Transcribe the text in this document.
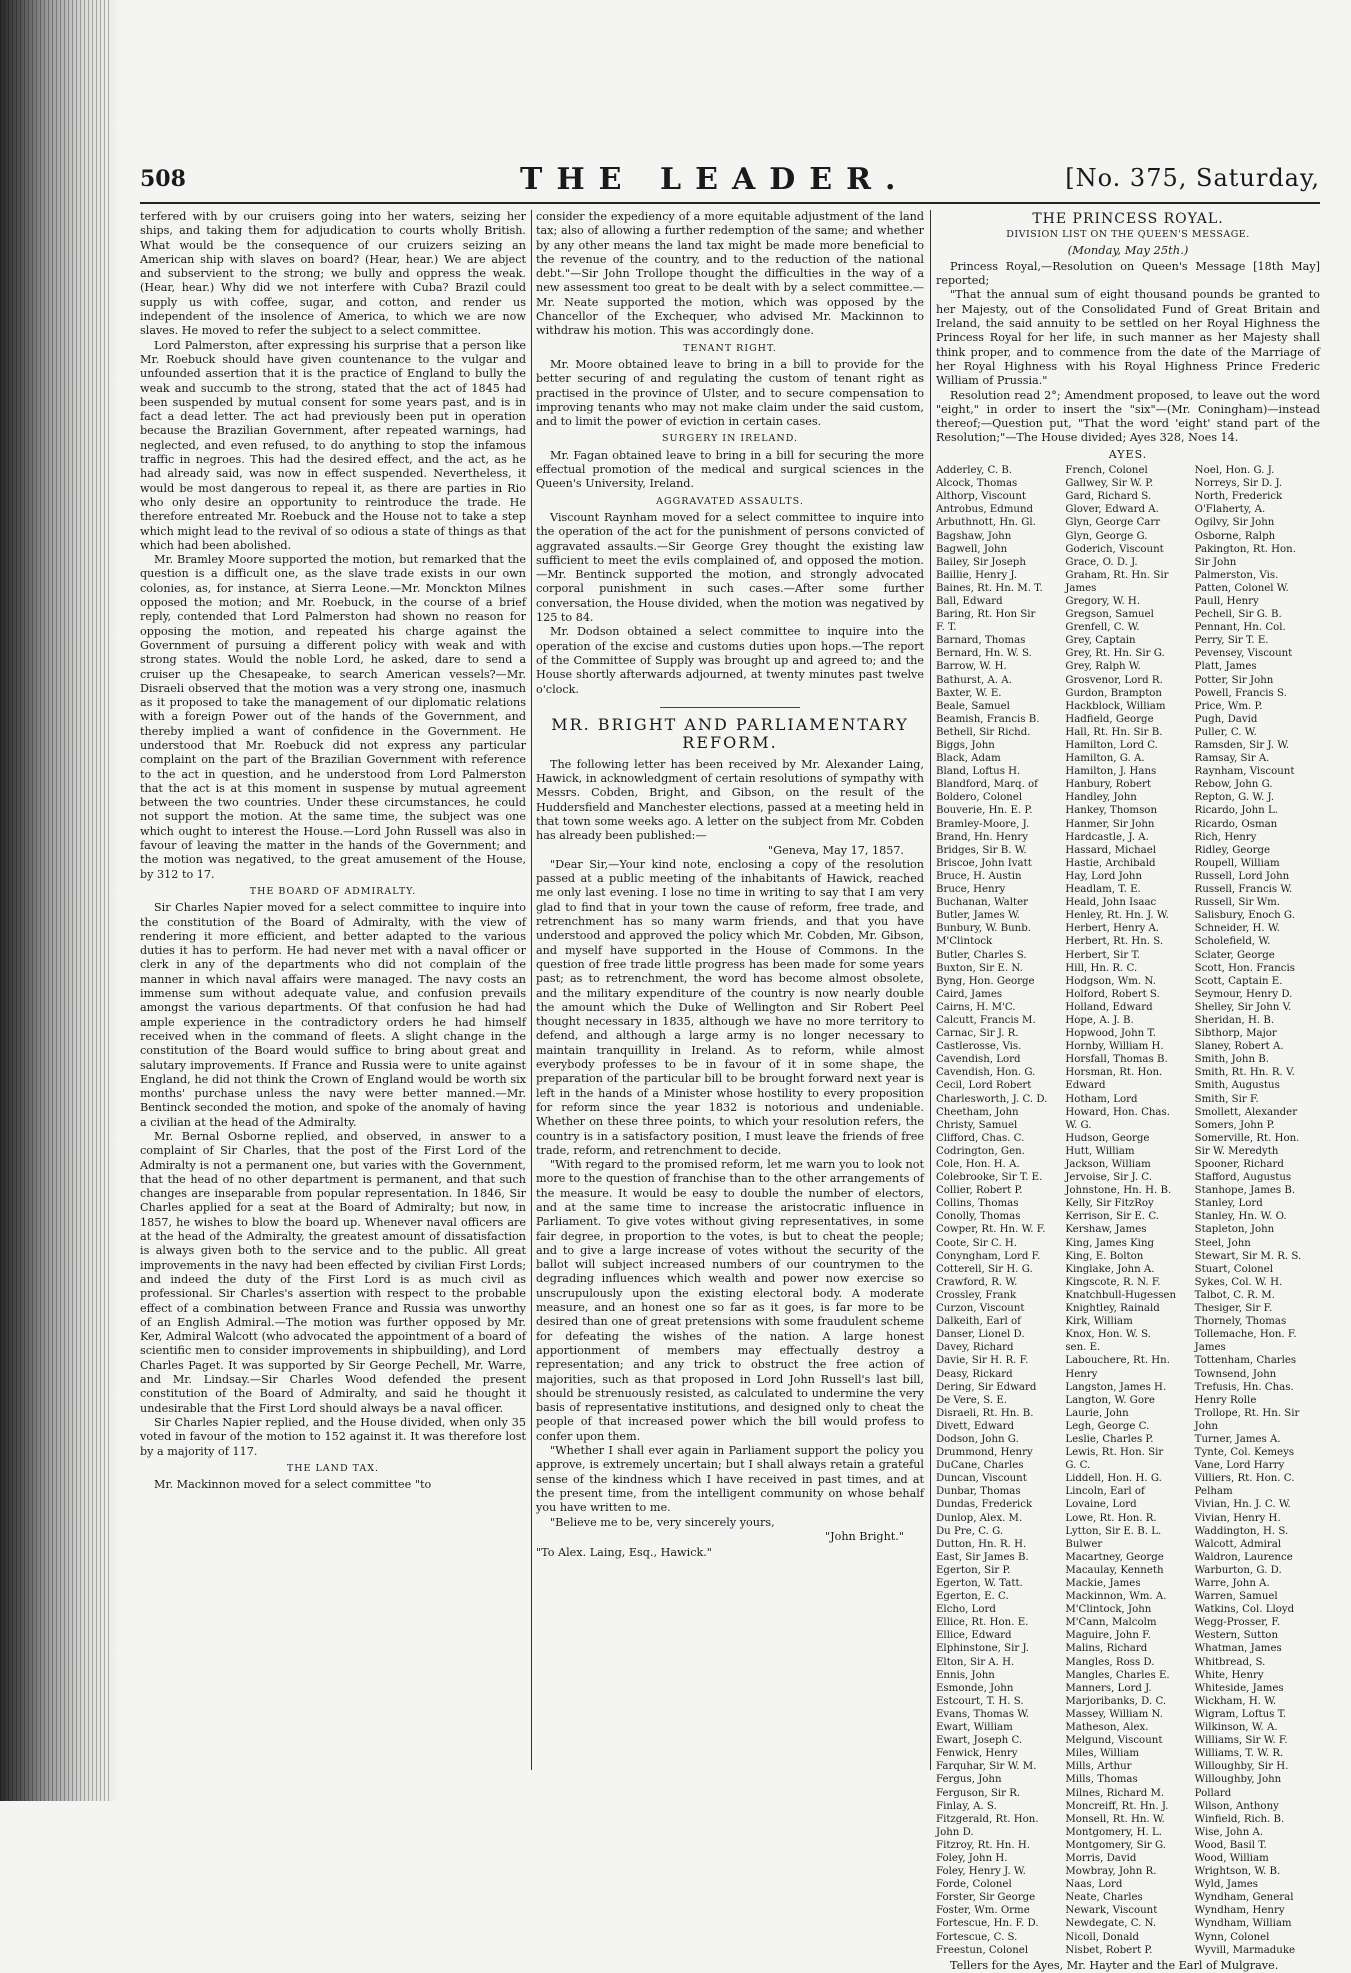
508	THE LEADER.	[No. 375, Saturday,

terfered with by our cruisers going into her waters, seizing her ships, and taking them for adjudication to courts wholly British. What would be the consequence of our cruizers seizing an American ship with slaves on board? (Hear, hear.) We are abject and subservient to the strong; we bully and oppress the weak. (Hear, hear.) Why did we not interfere with Cuba? Brazil could supply us with coffee, sugar, and cotton, and render us independent of the insolence of America, to which we are now slaves. He moved to refer the subject to a select committee.

Lord Palmerston, after expressing his surprise that a person like Mr. Roebuck should have given countenance to the vulgar and unfounded assertion that it is the practice of England to bully the weak and succumb to the strong, stated that the act of 1845 had been suspended by mutual consent for some years past, and is in fact a dead letter. The act had previously been put in operation because the Brazilian Government, after repeated warnings, had neglected, and even refused, to do anything to stop the infamous traffic in negroes. This had the desired effect, and the act, as he had already said, was now in effect suspended. Nevertheless, it would be most dangerous to repeal it, as there are parties in Rio who only desire an opportunity to reintroduce the trade. He therefore entreated Mr. Roebuck and the House not to take a step which might lead to the revival of so odious a state of things as that which had been abolished.

Mr. Bramley Moore supported the motion, but remarked that the question is a difficult one, as the slave trade exists in our own colonies, as, for instance, at Sierra Leone.—Mr. Monckton Milnes opposed the motion; and Mr. Roebuck, in the course of a brief reply, contended that Lord Palmerston had shown no reason for opposing the motion, and repeated his charge against the Government of pursuing a different policy with weak and with strong states. Would the noble Lord, he asked, dare to send a cruiser up the Chesapeake, to search American vessels?—Mr. Disraeli observed that the motion was a very strong one, inasmuch as it proposed to take the management of our diplomatic relations with a foreign Power out of the hands of the Government, and thereby implied a want of confidence in the Government. He understood that Mr. Roebuck did not express any particular complaint on the part of the Brazilian Government with reference to the act in question, and he understood from Lord Palmerston that the act is at this moment in suspense by mutual agreement between the two countries. Under these circumstances, he could not support the motion. At the same time, the subject was one which ought to interest the House.—Lord John Russell was also in favour of leaving the matter in the hands of the Government; and the motion was negatived, to the great amusement of the House, by 312 to 17.

THE BOARD OF ADMIRALTY.

Sir Charles Napier moved for a select committee to inquire into the constitution of the Board of Admiralty, with the view of rendering it more efficient, and better adapted to the various duties it has to perform. He had never met with a naval officer or clerk in any of the departments who did not complain of the manner in which naval affairs were managed. The navy costs an immense sum without adequate value, and confusion prevails amongst the various departments. Of that confusion he had had ample experience in the contradictory orders he had himself received when in the command of fleets. A slight change in the constitution of the Board would suffice to bring about great and salutary improvements. If France and Russia were to unite against England, he did not think the Crown of England would be worth six months' purchase unless the navy were better manned.—Mr. Bentinck seconded the motion, and spoke of the anomaly of having a civilian at the head of the Admiralty.

Mr. Bernal Osborne replied, and observed, in answer to a complaint of Sir Charles, that the post of the First Lord of the Admiralty is not a permanent one, but varies with the Government, that the head of no other department is permanent, and that such changes are inseparable from popular representation. In 1846, Sir Charles applied for a seat at the Board of Admiralty; but now, in 1857, he wishes to blow the board up. Whenever naval officers are at the head of the Admiralty, the greatest amount of dissatisfaction is always given both to the service and to the public. All great improvements in the navy had been effected by civilian First Lords; and indeed the duty of the First Lord is as much civil as professional. Sir Charles's assertion with respect to the probable effect of a combination between France and Russia was unworthy of an English Admiral.—The motion was further opposed by Mr. Ker, Admiral Walcott (who advocated the appointment of a board of scientific men to consider improvements in shipbuilding), and Lord Charles Paget. It was supported by Sir George Pechell, Mr. Warre, and Mr. Lindsay.—Sir Charles Wood defended the present constitution of the Board of Admiralty, and said he thought it undesirable that the First Lord should always be a naval officer.

Sir Charles Napier replied, and the House divided, when only 35 voted in favour of the motion to 152 against it. It was therefore lost by a majority of 117.

THE LAND TAX.

Mr. Mackinnon moved for a select committee "to

consider the expediency of a more equitable adjustment of the land tax; also of allowing a further redemption of the same; and whether by any other means the land tax might be made more beneficial to the revenue of the country, and to the reduction of the national debt."—Sir John Trollope thought the difficulties in the way of a new assessment too great to be dealt with by a select committee.—Mr. Neate supported the motion, which was opposed by the Chancellor of the Exchequer, who advised Mr. Mackinnon to withdraw his motion. This was accordingly done.

TENANT RIGHT.

Mr. Moore obtained leave to bring in a bill to provide for the better securing of and regulating the custom of tenant right as practised in the province of Ulster, and to secure compensation to improving tenants who may not make claim under the said custom, and to limit the power of eviction in certain cases.

SURGERY IN IRELAND.

Mr. Fagan obtained leave to bring in a bill for securing the more effectual promotion of the medical and surgical sciences in the Queen's University, Ireland.

AGGRAVATED ASSAULTS.

Viscount Raynham moved for a select committee to inquire into the operation of the act for the punishment of persons convicted of aggravated assaults.—Sir George Grey thought the existing law sufficient to meet the evils complained of, and opposed the motion.—Mr. Bentinck supported the motion, and strongly advocated corporal punishment in such cases.—After some further conversation, the House divided, when the motion was negatived by 125 to 84.

Mr. Dodson obtained a select committee to inquire into the operation of the excise and customs duties upon hops.—The report of the Committee of Supply was brought up and agreed to; and the House shortly afterwards adjourned, at twenty minutes past twelve o'clock.

MR. BRIGHT AND PARLIAMENTARY REFORM.

The following letter has been received by Mr. Alexander Laing, Hawick, in acknowledgment of certain resolutions of sympathy with Messrs. Cobden, Bright, and Gibson, on the result of the Huddersfield and Manchester elections, passed at a meeting held in that town some weeks ago. A letter on the subject from Mr. Cobden has already been published:—

"Geneva, May 17, 1857.

"Dear Sir,—Your kind note, enclosing a copy of the resolution passed at a public meeting of the inhabitants of Hawick, reached me only last evening. I lose no time in writing to say that I am very glad to find that in your town the cause of reform, free trade, and retrenchment has so many warm friends, and that you have understood and approved the policy which Mr. Cobden, Mr. Gibson, and myself have supported in the House of Commons. In the question of free trade little progress has been made for some years past; as to retrenchment, the word has become almost obsolete, and the military expenditure of the country is now nearly double the amount which the Duke of Wellington and Sir Robert Peel thought necessary in 1835, although we have no more territory to defend, and although a large army is no longer necessary to maintain tranquillity in Ireland. As to reform, while almost everybody professes to be in favour of it in some shape, the preparation of the particular bill to be brought forward next year is left in the hands of a Minister whose hostility to every proposition for reform since the year 1832 is notorious and undeniable. Whether on these three points, to which your resolution refers, the country is in a satisfactory position, I must leave the friends of free trade, reform, and retrenchment to decide.

"With regard to the promised reform, let me warn you to look not more to the question of franchise than to the other arrangements of the measure. It would be easy to double the number of electors, and at the same time to increase the aristocratic influence in Parliament. To give votes without giving representatives, in some fair degree, in proportion to the votes, is but to cheat the people; and to give a large increase of votes without the security of the ballot will subject increased numbers of our countrymen to the degrading influences which wealth and power now exercise so unscrupulously upon the existing electoral body. A moderate measure, and an honest one so far as it goes, is far more to be desired than one of great pretensions with some fraudulent scheme for defeating the wishes of the nation. A large honest apportionment of members may effectually destroy a representation; and any trick to obstruct the free action of majorities, such as that proposed in Lord John Russell's last bill, should be strenuously resisted, as calculated to undermine the very basis of representative institutions, and designed only to cheat the people of that increased power which the bill would profess to confer upon them.

"Whether I shall ever again in Parliament support the policy you approve, is extremely uncertain; but I shall always retain a grateful sense of the kindness which I have received in past times, and at the present time, from the intelligent community on whose behalf you have written to me.

"Believe me to be, very sincerely yours,

"John Bright."

"To Alex. Laing, Esq., Hawick."

THE PRINCESS ROYAL.
DIVISION LIST ON THE QUEEN'S MESSAGE.
(Monday, May 25th.)

Princess Royal,—Resolution on Queen's Message [18th May] reported;

"That the annual sum of eight thousand pounds be granted to her Majesty, out of the Consolidated Fund of Great Britain and Ireland, the said annuity to be settled on her Royal Highness the Princess Royal for her life, in such manner as her Majesty shall think proper, and to commence from the date of the Marriage of her Royal Highness with his Royal Highness Prince Frederic William of Prussia."

Resolution read 2°; Amendment proposed, to leave out the word "eight," in order to insert the "six"—(Mr. Coningham)—instead thereof;—Question put, "That the word 'eight' stand part of the Resolution;"—The House divided; Ayes 328, Noes 14.

AYES.
Adderley, C. B.	French, Colonel	Noel, Hon. G. J.
Alcock, Thomas	Gallwey, Sir W. P.	Norreys, Sir D. J.
Althorp, Viscount	Gard, Richard S.	North, Frederick
Antrobus, Edmund	Glover, Edward A.	O'Flaherty, A.
Arbuthnott, Hn. Gl.	Glyn, George Carr	Ogilvy, Sir John
Bagshaw, John	Glyn, George G.	Osborne, Ralph
Bagwell, John	Goderich, Viscount	Pakington, Rt. Hon.
Bailey, Sir Joseph	Grace, O. D. J.	Sir John
Baillie, Henry J.	Graham, Rt. Hn. Sir	Palmerston, Vis.
Baines, Rt. Hn. M. T.	James	Patten, Colonel W.
Ball, Edward	Gregory, W. H.	Paull, Henry
Baring, Rt. Hon Sir	Gregson, Samuel	Pechell, Sir G. B.
F. T.	Grenfell, C. W.	Pennant, Hn. Col.
Barnard, Thomas	Grey, Captain	Perry, Sir T. E.
Bernard, Hn. W. S.	Grey, Rt. Hn. Sir G.	Pevensey, Viscount
Barrow, W. H.	Grey, Ralph W.	Platt, James
Bathurst, A. A.	Grosvenor, Lord R.	Potter, Sir John
Baxter, W. E.	Gurdon, Brampton	Powell, Francis S.
Beale, Samuel	Hackblock, William	Price, Wm. P.
Beamish, Francis B.	Hadfield, George	Pugh, David
Bethell, Sir Richd.	Hall, Rt. Hn. Sir B.	Puller, C. W.
Biggs, John	Hamilton, Lord C.	Ramsden, Sir J. W.
Black, Adam	Hamilton, G. A.	Ramsay, Sir A.
Bland, Loftus H.	Hamilton, J. Hans	Raynham, Viscount
Blandford, Marq. of	Hanbury, Robert	Rebow, John G.
Boldero, Colonel	Handley, John	Repton, G. W. J.
Bouverie, Hn. E. P.	Hankey, Thomson	Ricardo, John L.
Bramley-Moore, J.	Hanmer, Sir John	Ricardo, Osman
Brand, Hn. Henry	Hardcastle, J. A.	Rich, Henry
Bridges, Sir B. W.	Hassard, Michael	Ridley, George
Briscoe, John Ivatt	Hastie, Archibald	Roupell, William
Bruce, H. Austin	Hay, Lord John	Russell, Lord John
Bruce, Henry	Headlam, T. E.	Russell, Francis W.
Buchanan, Walter	Heald, John Isaac	Russell, Sir Wm.
Butler, James W.	Henley, Rt. Hn. J. W.	Salisbury, Enoch G.
Bunbury, W. Bunb.	Herbert, Henry A.	Schneider, H. W.
M'Clintock	Herbert, Rt. Hn. S.	Scholefield, W.
Butler, Charles S.	Herbert, Sir T.	Sclater, George
Buxton, Sir E. N.	Hill, Hn. R. C.	Scott, Hon. Francis
Byng, Hon. George	Hodgson, Wm. N.	Scott, Captain E.
Caird, James	Holford, Robert S.	Seymour, Henry D.
Cairns, H. M'C.	Holland, Edward	Shelley, Sir John V.
Calcutt, Francis M.	Hope, A. J. B.	Sheridan, H. B.
Carnac, Sir J. R.	Hopwood, John T.	Sibthorp, Major
Castlerosse, Vis.	Hornby, William H.	Slaney, Robert A.
Cavendish, Lord	Horsfall, Thomas B.	Smith, John B.
Cavendish, Hon. G.	Horsman, Rt. Hon.	Smith, Rt. Hn. R. V.
Cecil, Lord Robert	Edward	Smith, Augustus
Charlesworth, J. C. D.	Hotham, Lord	Smith, Sir F.
Cheetham, John	Howard, Hon. Chas.	Smollett, Alexander
Christy, Samuel	W. G.	Somers, John P.
Clifford, Chas. C.	Hudson, George	Somerville, Rt. Hon.
Codrington, Gen.	Hutt, William	Sir W. Meredyth
Cole, Hon. H. A.	Jackson, William	Spooner, Richard
Colebrooke, Sir T. E.	Jervoise, Sir J. C.	Stafford, Augustus
Collier, Robert P.	Johnstone, Hn. H. B.	Stanhope, James B.
Collins, Thomas	Kelly, Sir FitzRoy	Stanley, Lord
Conolly, Thomas	Kerrison, Sir E. C.	Stanley, Hn. W. O.
Cowper, Rt. Hn. W. F.	Kershaw, James	Stapleton, John
Coote, Sir C. H.	King, James King	Steel, John
Conyngham, Lord F.	King, E. Bolton	Stewart, Sir M. R. S.
Cotterell, Sir H. G.	Kinglake, John A.	Stuart, Colonel
Crawford, R. W.	Kingscote, R. N. F.	Sykes, Col. W. H.
Crossley, Frank	Knatchbull-Hugessen	Talbot, C. R. M.
Curzon, Viscount	Knightley, Rainald	Thesiger, Sir F.
Dalkeith, Earl of	Kirk, William	Thornely, Thomas
Danser, Lionel D.	Knox, Hon. W. S.	Tollemache, Hon. F.
Davey, Richard	sen. E.	James
Davie, Sir H. R. F.	Labouchere, Rt. Hn.	Tottenham, Charles
Deasy, Rickard	Henry	Townsend, John
Dering, Sir Edward	Langston, James H.	Trefusis, Hn. Chas.
De Vere, S. E.	Langton, W. Gore	Henry Rolle
Disraeli, Rt. Hn. B.	Laurie, John	Trollope, Rt. Hn. Sir
Divett, Edward	Legh, George C.	John
Dodson, John G.	Leslie, Charles P.	Turner, James A.
Drummond, Henry	Lewis, Rt. Hon. Sir	Tynte, Col. Kemeys
DuCane, Charles	G. C.	Vane, Lord Harry
Duncan, Viscount	Liddell, Hon. H. G.	Villiers, Rt. Hon. C.
Dunbar, Thomas	Lincoln, Earl of	Pelham
Dundas, Frederick	Lovaine, Lord	Vivian, Hn. J. C. W.
Dunlop, Alex. M.	Lowe, Rt. Hon. R.	Vivian, Henry H.
Du Pre, C. G.	Lytton, Sir E. B. L.	Waddington, H. S.
Dutton, Hn. R. H.	Bulwer	Walcott, Admiral
East, Sir James B.	Macartney, George	Waldron, Laurence
Egerton, Sir P.	Macaulay, Kenneth	Warburton, G. D.
Egerton, W. Tatt.	Mackie, James	Warre, John A.
Egerton, E. C.	Mackinnon, Wm. A.	Warren, Samuel
Elcho, Lord	M'Clintock, John	Watkins, Col. Lloyd
Ellice, Rt. Hon. E.	M'Cann, Malcolm	Wegg-Prosser, F.
Ellice, Edward	Maguire, John F.	Western, Sutton
Elphinstone, Sir J.	Malins, Richard	Whatman, James
Elton, Sir A. H.	Mangles, Ross D.	Whitbread, S.
Ennis, John	Mangles, Charles E.	White, Henry
Esmonde, John	Manners, Lord J.	Whiteside, James
Estcourt, T. H. S.	Marjoribanks, D. C.	Wickham, H. W.
Evans, Thomas W.	Massey, William N.	Wigram, Loftus T.
Ewart, William	Matheson, Alex.	Wilkinson, W. A.
Ewart, Joseph C.	Melgund, Viscount	Williams, Sir W. F.
Fenwick, Henry	Miles, William	Williams, T. W. R.
Farquhar, Sir W. M.	Mills, Arthur	Willoughby, Sir H.
Fergus, John	Mills, Thomas	Willoughby, John
Ferguson, Sir R.	Milnes, Richard M.	Pollard
Finlay, A. S.	Moncreiff, Rt. Hn. J.	Wilson, Anthony
Fitzgerald, Rt. Hon.	Monsell, Rt. Hn. W.	Winfield, Rich. B.
John D.	Montgomery, H. L.	Wise, John A.
Fitzroy, Rt. Hn. H.	Montgomery, Sir G.	Wood, Basil T.
Foley, John H.	Morris, David	Wood, William
Foley, Henry J. W.	Mowbray, John R.	Wrightson, W. B.
Forde, Colonel	Naas, Lord	Wyld, James
Forster, Sir George	Neate, Charles	Wyndham, General
Foster, Wm. Orme	Newark, Viscount	Wyndham, Henry
Fortescue, Hn. F. D.	Newdegate, C. N.	Wyndham, William
Fortescue, C. S.	Nicoll, Donald	Wynn, Colonel
Freestun, Colonel	Nisbet, Robert P.	Wyvill, Marmaduke

Tellers for the Ayes, Mr. Hayter and the Earl of Mulgrave.
